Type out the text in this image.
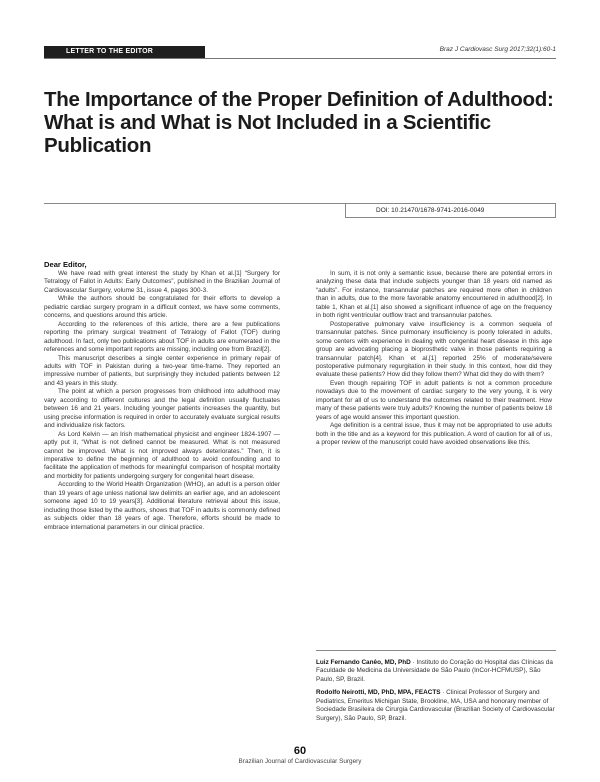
LETTER TO THE EDITOR	Braz J Cardiovasc Surg 2017;32(1):60-1
The Importance of the Proper Definition of Adulthood: What is and What is Not Included in a Scientific Publication
DOI: 10.21470/1678-9741-2016-0049
Dear Editor,

We have read with great interest the study by Khan et al.[1] “Surgery for Tetralogy of Fallot in Adults: Early Outcomes”, published in the Brazilian Journal of Cardiovascular Surgery, volume 31, issue 4, pages 300-3.

While the authors should be congratulated for their efforts to develop a pediatric cardiac surgery program in a difficult context, we have some comments, concerns, and questions around this article.

According to the references of this article, there are a few publications reporting the primary surgical treatment of Tetralogy of Fallot (TOF) during adulthood. In fact, only two publications about TOF in adults are enumerated in the references and some important reports are missing, including one from Brazil[2].

This manuscript describes a single center experience in primary repair of adults with TOF in Pakistan during a two-year time-frame. They reported an impressive number of patients, but surprisingly they included patients between 12 and 43 years in this study.

The point at which a person progresses from childhood into adulthood may vary according to different cultures and the legal definition usually fluctuates between 16 and 21 years. Including younger patients increases the quantity, but using precise information is required in order to accurately evaluate surgical results and individualize risk factors.

As Lord Kelvin — an Irish mathematical physicist and engineer 1824-1907 — aptly put it, “What is not defined cannot be measured. What is not measured cannot be improved. What is not improved always deteriorates.” Then, it is imperative to define the beginning of adulthood to avoid confounding and to facilitate the application of methods for meaningful comparison of hospital mortality and morbidity for patients undergoing surgery for congenital heart disease.

According to the World Health Organization (WHO), an adult is a person older than 19 years of age unless national law delimits an earlier age, and an adolescent someone aged 10 to 19 years[3]. Additional literature retrieval about this issue, including those listed by the authors, shows that TOF in adults is commonly defined as subjects older than 18 years of age. Therefore, efforts should be made to embrace international parameters in our clinical practice.

In sum, it is not only a semantic issue, because there are potential errors in analyzing these data that include subjects younger than 18 years old named as “adults”. For instance, transannular patches are required more often in children than in adults, due to the more favorable anatomy encountered in adulthood[2]. In table 1, Khan et al.[1] also showed a significant influence of age on the frequency in both right ventricular outflow tract and transannular patches.

Postoperative pulmonary valve insufficiency is a common sequela of transannular patches. Since pulmonary insufficiency is poorly tolerated in adults, some centers with experience in dealing with congenital heart disease in this age group are advocating placing a bioprosthetic valve in those patients requiring a transannular patch[4]. Khan et al.[1] reported 25% of moderate/severe postoperative pulmonary regurgitation in their study. In this context, how did they evaluate these patients? How did they follow them? What did they do with them?

Even though repairing TOF in adult patients is not a common procedure nowadays due to the movement of cardiac surgery to the very young, it is very important for all of us to understand the outcomes related to their treatment. How many of these patients were truly adults? Knowing the number of patients below 18 years of age would answer this important question.

Age definition is a central issue, thus it may not be appropriated to use adults both in the title and as a keyword for this publication. A word of caution for all of us, a proper review of the manuscript could have avoided observations like this.

Luiz Fernando Canêo, MD, PhD · Instituto do Coração do Hospital das Clínicas da Faculdade de Medicina da Universidade de São Paulo (InCor-HCFMUSP), São Paulo, SP, Brazil.
Rodolfo Neirotti, MD, PhD, MPA, FEACTS · Clinical Professor of Surgery and Pediatrics, Emeritus Michigan State, Brookline, MA, USA and honorary member of Sociedade Brasileira de Cirurgia Cardiovascular (Brazilian Society of Cardiovascular Surgery), São Paulo, SP, Brazil.
60
Brazilian Journal of Cardiovascular Surgery
